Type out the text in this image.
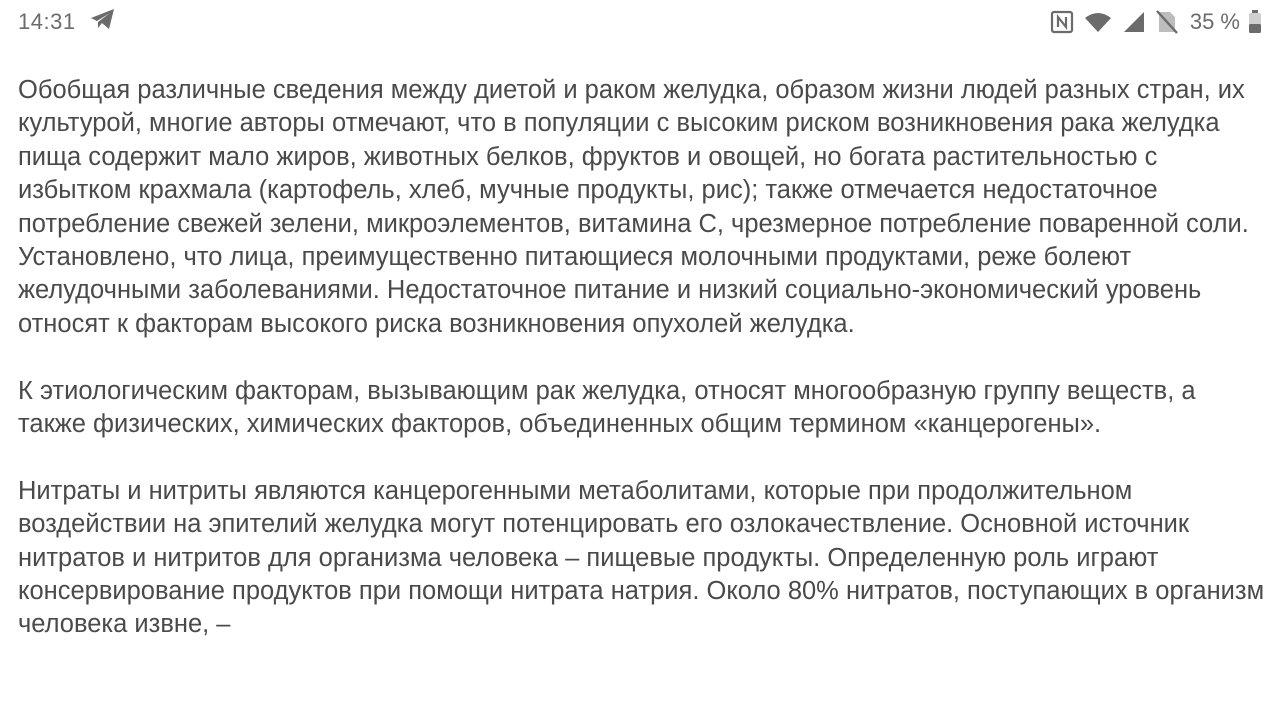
14:31	35 %

Обобщая различные сведения между диетой и раком желудка, образом жизни людей разных стран, их культурой, многие авторы отмечают, что в популяции с высоким риском возникновения рака желудка пища содержит мало жиров, животных белков, фруктов и овощей, но богата растительностью с избытком крахмала (картофель, хлеб, мучные продукты, рис); также отмечается недостаточное потребление свежей зелени, микроэлементов, витамина С, чрезмерное потребление поваренной соли. Установлено, что лица, преимущественно питающиеся молочными продуктами, реже болеют желудочными заболеваниями. Недостаточное питание и низкий социально-экономический уровень относят к факторам высокого риска возникновения опухолей желудка.

К этиологическим факторам, вызывающим рак желудка, относят многообразную группу веществ, а также физических, химических факторов, объединенных общим термином «канцерогены».

Нитраты и нитриты являются канцерогенными метаболитами, которые при продолжительном воздействии на эпителий желудка могут потенцировать его озлокачествление. Основной источник нитратов и нитритов для организма человека – пищевые продукты. Определенную роль играют консервирование продуктов при помощи нитрата натрия. Около 80% нитратов, поступающих в организм человека извне, –
